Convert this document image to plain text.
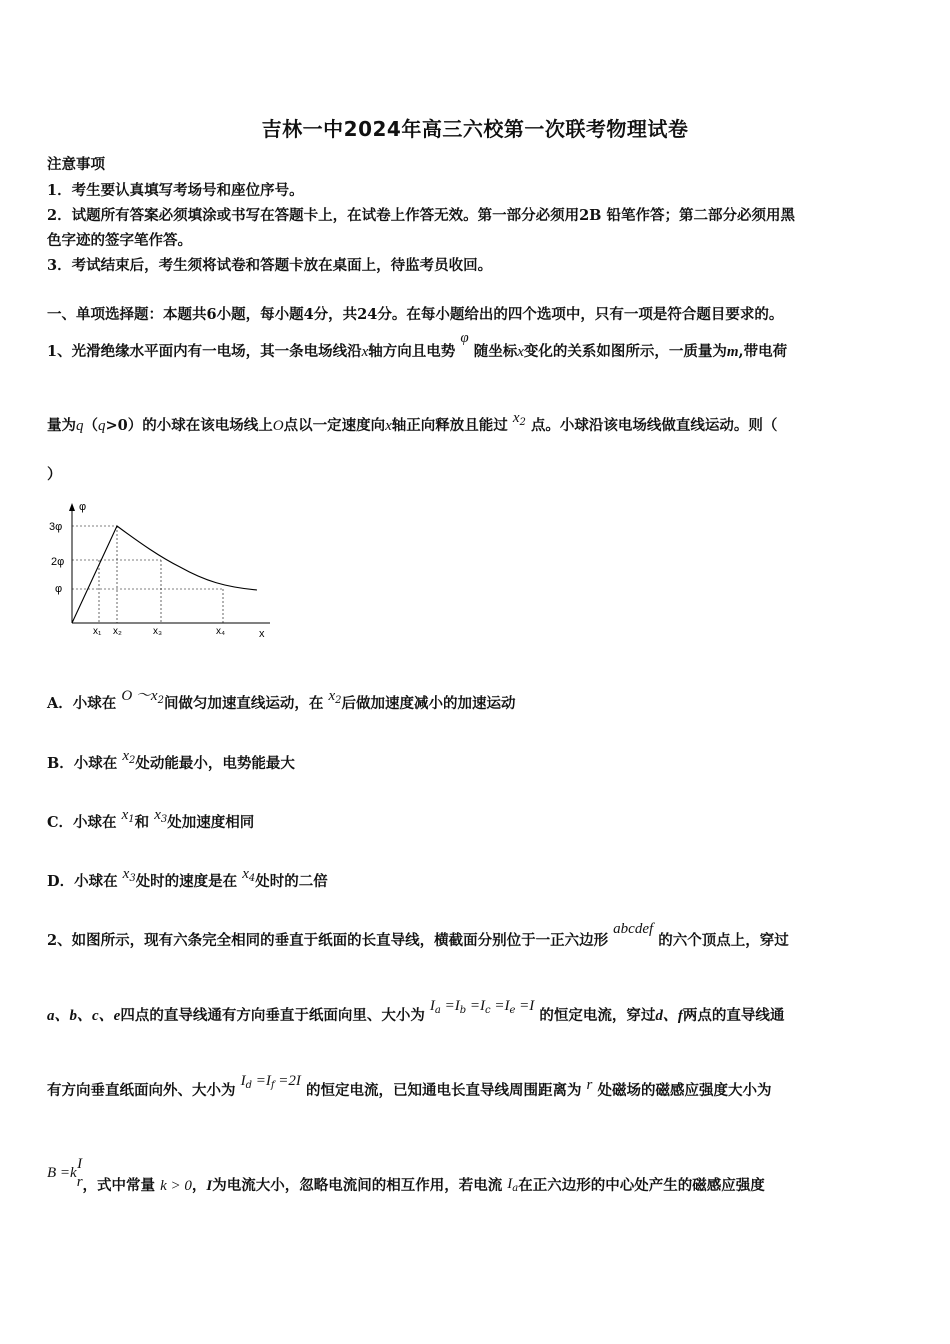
吉林一中2024年高三六校第一次联考物理试卷
注意事项
1．考生要认真填写考场号和座位序号。
2．试题所有答案必须填涂或书写在答题卡上，在试卷上作答无效。第一部分必须用2B 铅笔作答；第二部分必须用黑
色字迹的签字笔作答。
3．考试结束后，考生须将试卷和答题卡放在桌面上，待监考员收回。
一、单项选择题：本题共6小题，每小题4分，共24分。在每小题给出的四个选项中，只有一项是符合题目要求的。
1、光滑绝缘水平面内有一电场，其一条电场线沿x轴方向且电势 φ 随坐标x变化的关系如图所示，一质量为m,带电荷
量为q（q>0）的小球在该电场线上O点以一定速度向x轴正向释放且能过 $x_2$ 点。小球沿该电场线做直线运动。则（
）
φ
3φ
2φ
φ
x₁ x₂	x₃	x₄	x
A．小球在 O $\sim x_2$间做匀加速直线运动，在 $x_2$后做加速度减小的加速运动
B．小球在 $x_2$处动能最小，电势能最大
C．小球在 $x_1$和 $x_3$处加速度相同
D．小球在 $x_3$处时的速度是在 $x_4$处时的二倍
2、如图所示，现有六条完全相同的垂直于纸面的长直导线，横截面分别位于一正六边形 abcdef 的六个顶点上，穿过
a、b、c、e四点的直导线通有方向垂直于纸面向里、大小为 $I_a =I_b =I_c =I_e =I$ 的恒定电流，穿过d、f两点的直导线通
有方向垂直纸面向外、大小为 $I_d =I_f =2I$ 的恒定电流，已知通电长直导线周围距离为 r 处磁场的磁感应强度大小为
B =k
I
r ，式中常量 k > 0，I为电流大小，忽略电流间的相互作用，若电流 $I_a$在正六边形的中心处产生的磁感应强度
